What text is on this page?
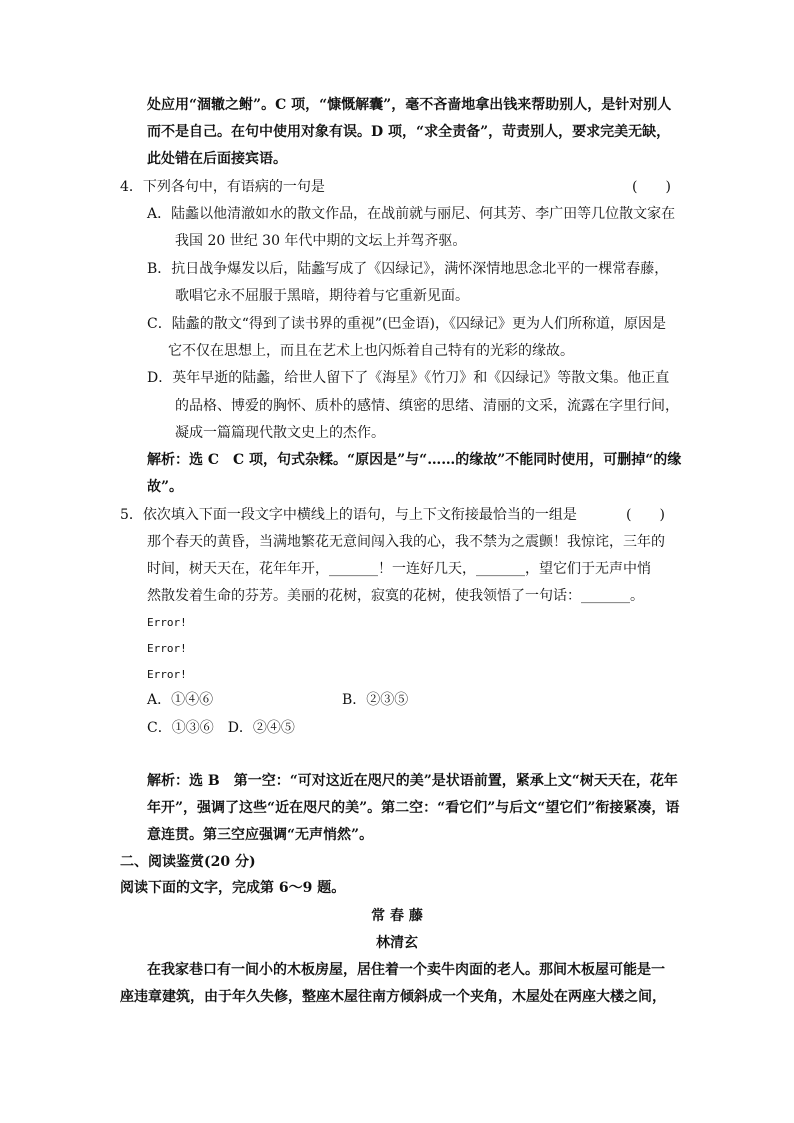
处应用“涸辙之鲋”。C 项，“慷慨解囊”，毫不吝啬地拿出钱来帮助别人，是针对别人
而不是自己。在句中使用对象有误。D 项，“求全责备”，苛责别人，要求完美无缺，
此处错在后面接宾语。
4．下列各句中，有语病的一句是	(　　)
A．陆蠡以他清澈如水的散文作品，在战前就与丽尼、何其芳、李广田等几位散文家在
我国 20 世纪 30 年代中期的文坛上并驾齐驱。
B．抗日战争爆发以后，陆蠡写成了《囚绿记》，满怀深情地思念北平的一棵常春藤，
歌唱它永不屈服于黑暗，期待着与它重新见面。
C．陆蠡的散文“得到了读书界的重视”(巴金语)，《囚绿记》更为人们所称道，原因是
它不仅在思想上，而且在艺术上也闪烁着自己特有的光彩的缘故。
D．英年早逝的陆蠡，给世人留下了《海星》《竹刀》和《囚绿记》等散文集。他正直
的品格、博爱的胸怀、质朴的感情、缜密的思绪、清丽的文采，流露在字里行间，
凝成一篇篇现代散文史上的杰作。
解析：选 C　C 项，句式杂糅。“原因是”与“……的缘故”不能同时使用，可删掉“的缘
故”。
5．依次填入下面一段文字中横线上的语句，与上下文衔接最恰当的一组是	(　　)
那个春天的黄昏，当满地繁花无意间闯入我的心，我不禁为之震颤！我惊诧，三年的
时间，树天天在，花年年开，_______！一连好几天，_______，望它们于无声中悄
然散发着生命的芬芳。美丽的花树，寂寞的花树，使我领悟了一句话：_______。
Error!
Error!
Error!
A．①④⑥	B．②③⑤
C．①③⑥　D．②④⑤
解析：选 B　第一空：“可对这近在咫尺的美”是状语前置，紧承上文“树天天在，花年
年开”，强调了这些“近在咫尺的美”。第二空：“看它们”与后文“望它们”衔接紧凑，语
意连贯。第三空应强调“无声悄然”。
二、阅读鉴赏(20 分)
阅读下面的文字，完成第 6～9 题。
常 春 藤
林清玄
在我家巷口有一间小的木板房屋，居住着一个卖牛肉面的老人。那间木板屋可能是一
座违章建筑，由于年久失修，整座木屋往南方倾斜成一个夹角，木屋处在两座大楼之间，
